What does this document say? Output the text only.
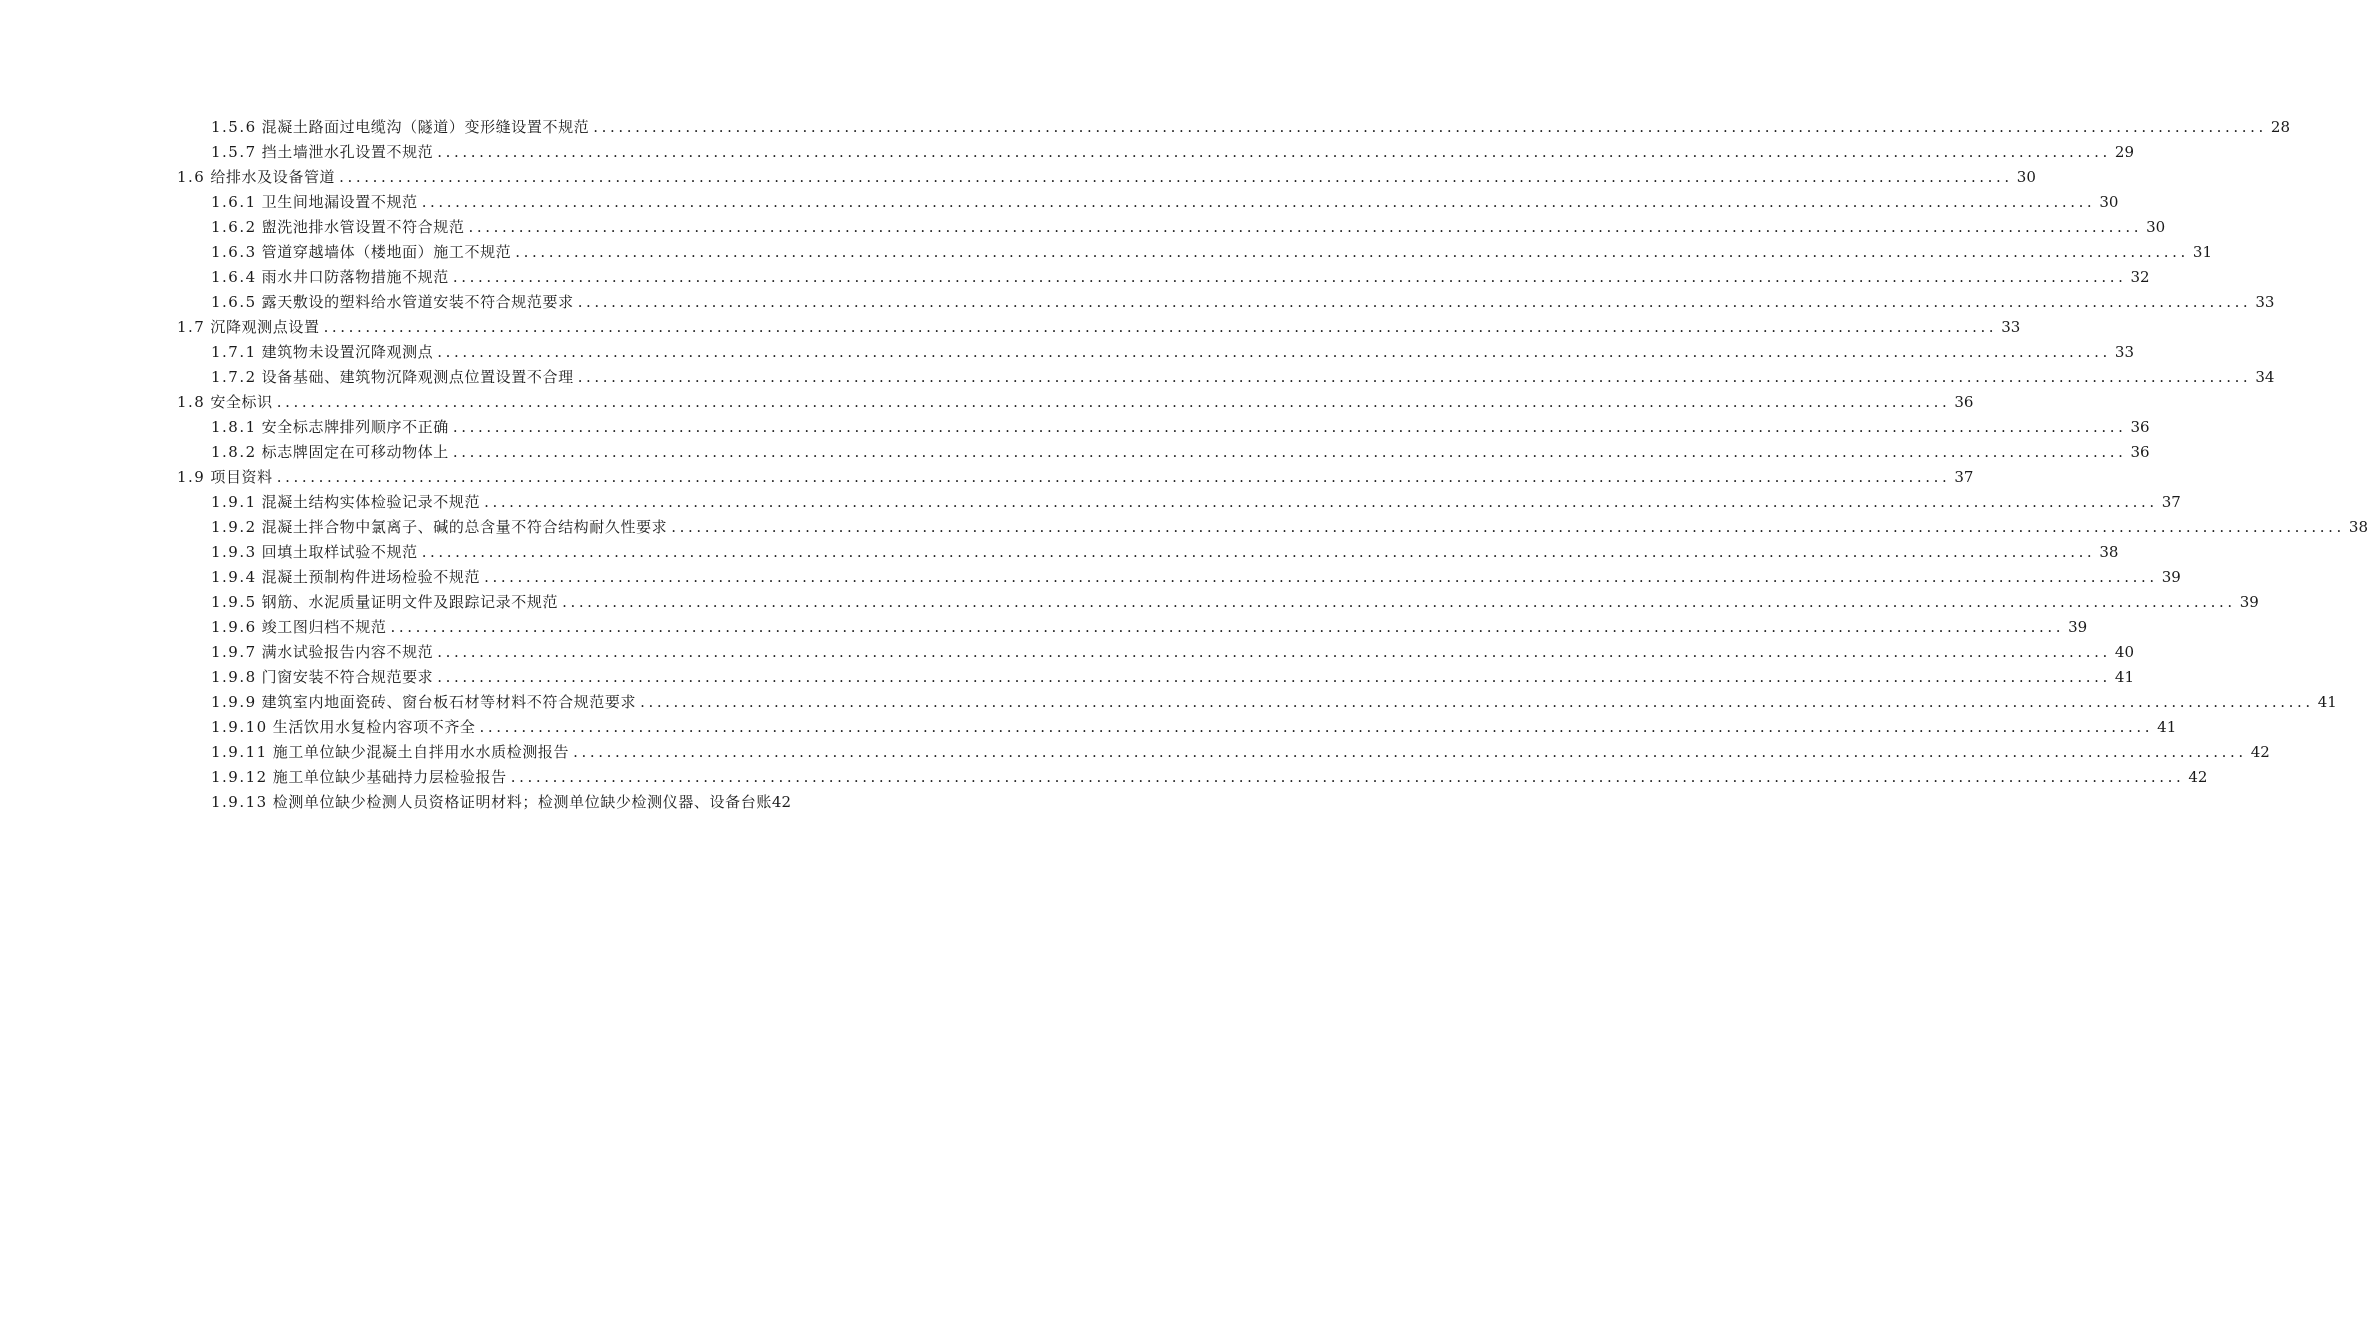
1.5.6 混凝土路面过电缆沟（隧道）变形缝设置不规范 ........................................................................................................................................................................................................ 28
1.5.7 挡土墙泄水孔设置不规范 ........................................................................................................................................................................................................ 29
1.6 给排水及设备管道 ........................................................................................................................................................................................................ 30
1.6.1 卫生间地漏设置不规范 ........................................................................................................................................................................................................ 30
1.6.2 盥洗池排水管设置不符合规范 ........................................................................................................................................................................................................ 30
1.6.3 管道穿越墙体（楼地面）施工不规范 ........................................................................................................................................................................................................ 31
1.6.4 雨水井口防落物措施不规范 ........................................................................................................................................................................................................ 32
1.6.5 露天敷设的塑料给水管道安装不符合规范要求 ........................................................................................................................................................................................................ 33
1.7 沉降观测点设置 ........................................................................................................................................................................................................ 33
1.7.1 建筑物未设置沉降观测点 ........................................................................................................................................................................................................ 33
1.7.2 设备基础、建筑物沉降观测点位置设置不合理 ........................................................................................................................................................................................................ 34
1.8 安全标识 ........................................................................................................................................................................................................ 36
1.8.1 安全标志牌排列顺序不正确 ........................................................................................................................................................................................................ 36
1.8.2 标志牌固定在可移动物体上 ........................................................................................................................................................................................................ 36
1.9 项目资料 ........................................................................................................................................................................................................ 37
1.9.1 混凝土结构实体检验记录不规范 ........................................................................................................................................................................................................ 37
1.9.2 混凝土拌合物中氯离子、碱的总含量不符合结构耐久性要求 ........................................................................................................................................................................................................ 38
1.9.3 回填土取样试验不规范 ........................................................................................................................................................................................................ 38
1.9.4 混凝土预制构件进场检验不规范 ........................................................................................................................................................................................................ 39
1.9.5 钢筋、水泥质量证明文件及跟踪记录不规范 ........................................................................................................................................................................................................ 39
1.9.6 竣工图归档不规范 ........................................................................................................................................................................................................ 39
1.9.7 满水试验报告内容不规范 ........................................................................................................................................................................................................ 40
1.9.8 门窗安装不符合规范要求 ........................................................................................................................................................................................................ 41
1.9.9 建筑室内地面瓷砖、窗台板石材等材料不符合规范要求 ........................................................................................................................................................................................................ 41
1.9.10 生活饮用水复检内容项不齐全 ........................................................................................................................................................................................................ 41
1.9.11 施工单位缺少混凝土自拌用水水质检测报告 ........................................................................................................................................................................................................ 42
1.9.12 施工单位缺少基础持力层检验报告 ........................................................................................................................................................................................................ 42
1.9.13 检测单位缺少检测人员资格证明材料；检测单位缺少检测仪器、设备台账 42
